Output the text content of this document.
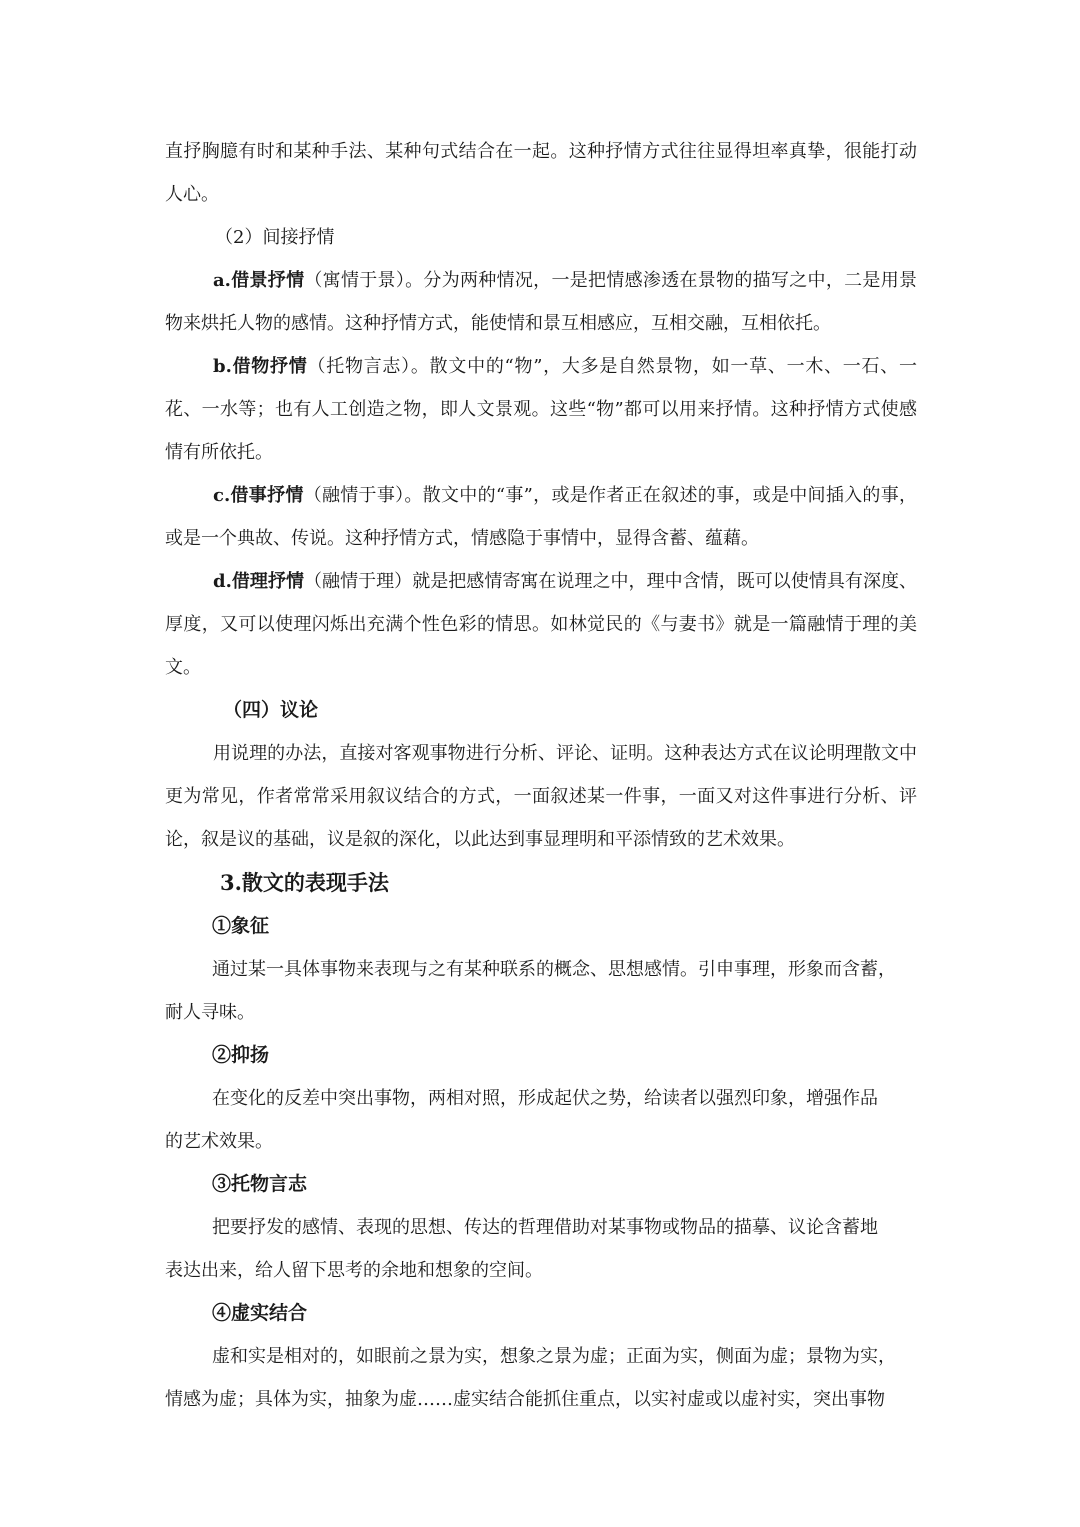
直抒胸臆有时和某种手法、某种句式结合在一起。这种抒情方式往往显得坦率真挚，很能打动人心。

（2）间接抒情

a.借景抒情（寓情于景）。分为两种情况，一是把情感渗透在景物的描写之中，二是用景物来烘托人物的感情。这种抒情方式，能使情和景互相感应，互相交融，互相依托。

b.借物抒情（托物言志）。散文中的“物”，大多是自然景物，如一草、一木、一石、一花、一水等；也有人工创造之物，即人文景观。这些“物”都可以用来抒情。这种抒情方式使感情有所依托。

c.借事抒情（融情于事）。散文中的“事”，或是作者正在叙述的事，或是中间插入的事，或是一个典故、传说。这种抒情方式，情感隐于事情中，显得含蓄、蕴藉。

d.借理抒情（融情于理）就是把感情寄寓在说理之中，理中含情，既可以使情具有深度、厚度，又可以使理闪烁出充满个性色彩的情思。如林觉民的《与妻书》就是一篇融情于理的美文。

（四）议论

用说理的办法，直接对客观事物进行分析、评论、证明。这种表达方式在议论明理散文中更为常见，作者常常采用叙议结合的方式，一面叙述某一件事，一面又对这件事进行分析、评论，叙是议的基础，议是叙的深化，以此达到事显理明和平添情致的艺术效果。

3.散文的表现手法

①象征

通过某一具体事物来表现与之有某种联系的概念、思想感情。引申事理，形象而含蓄，
耐人寻味。

②抑扬

在变化的反差中突出事物，两相对照，形成起伏之势，给读者以强烈印象，增强作品
的艺术效果。

③托物言志

把要抒发的感情、表现的思想、传达的哲理借助对某事物或物品的描摹、议论含蓄地
表达出来，给人留下思考的余地和想象的空间。

④虚实结合

虚和实是相对的，如眼前之景为实，想象之景为虚；正面为实，侧面为虚；景物为实，
情感为虚；具体为实，抽象为虚……虚实结合能抓住重点，以实衬虚或以虚衬实，突出事物
